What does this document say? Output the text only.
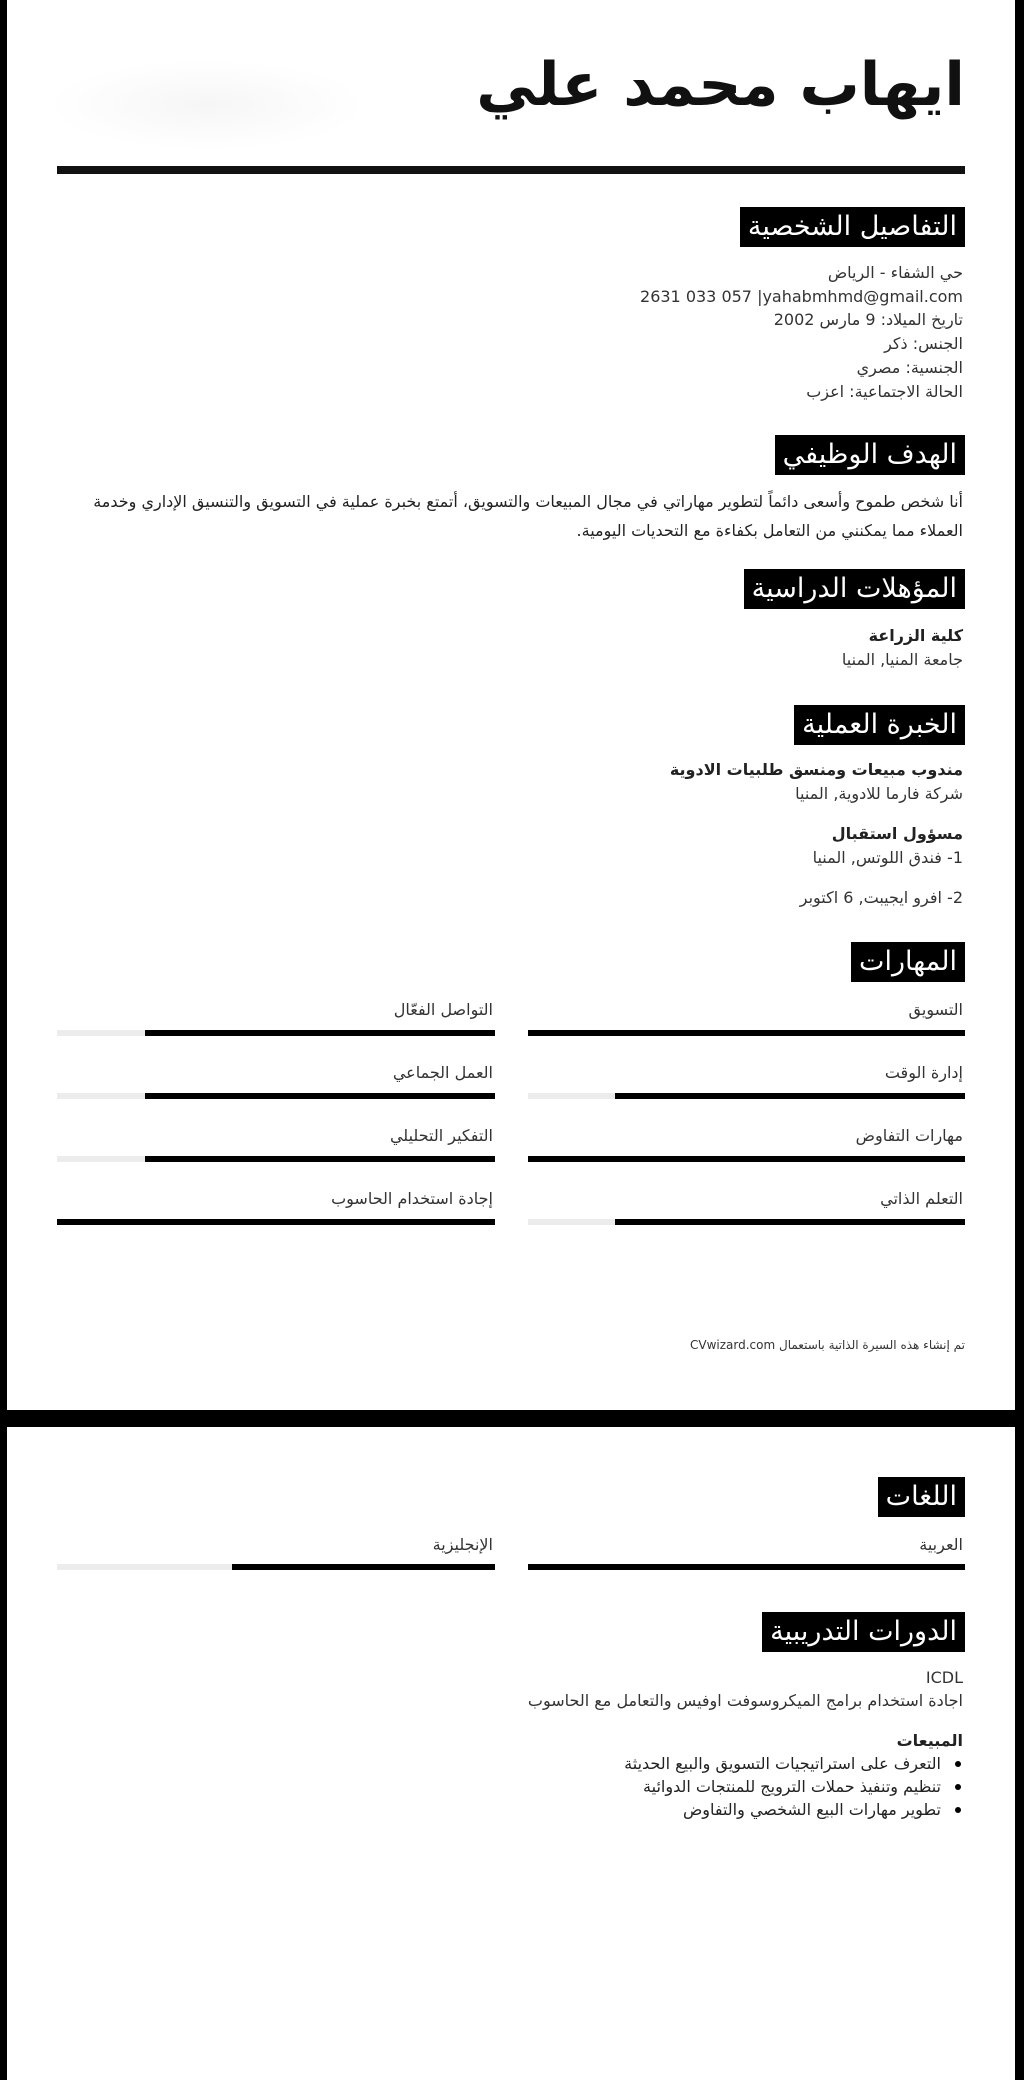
ايهاب محمد علي
التفاصيل الشخصية
حي الشفاء - الرياض
2631 033 057 |yahabmhmd@gmail.com
تاريخ الميلاد: 9 مارس 2002
الجنس: ذكر
الجنسية: مصري
الحالة الاجتماعية: اعزب
الهدف الوظيفي
أنا شخص طموح وأسعى دائماً لتطوير مهاراتي في مجال المبيعات والتسويق، أتمتع بخبرة عملية في التسويق والتنسيق الإداري وخدمة العملاء مما يمكنني من التعامل بكفاءة مع التحديات اليومية.
المؤهلات الدراسية
كلية الزراعة
جامعة المنيا, المنيا
الخبرة العملية
مندوب مبيعات ومنسق طلبيات الادوية
شركة فارما للادوية, المنيا
مسؤول استقبال
1- فندق اللوتس, المنيا
2- افرو ايجيبت, 6 اكتوبر
المهارات
التسويق
إدارة الوقت
مهارات التفاوض
التعلم الذاتي
التواصل الفعّال
العمل الجماعي
التفكير التحليلي
إجادة استخدام الحاسوب
تم إنشاء هذه السيرة الذاتية باستعمال CVwizard.com
اللغات
العربية
الإنجليزية
الدورات التدريبية
ICDL
اجادة استخدام برامج الميكروسوفت اوفيس والتعامل مع الحاسوب
المبيعات
التعرف على استراتيجيات التسويق والبيع الحديثة
تنظيم وتنفيذ حملات الترويج للمنتجات الدوائية
تطوير مهارات البيع الشخصي والتفاوض
